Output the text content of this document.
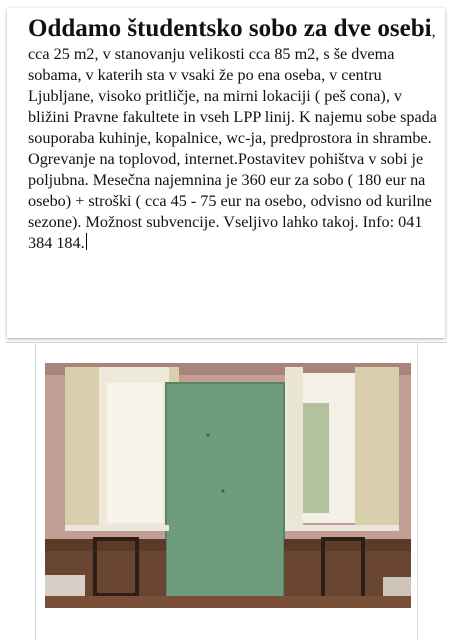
Oddamo študentsko sobo za dve osebi, cca 25 m2, v stanovanju velikosti cca 85 m2, s še dvema sobama, v katerih sta v vsaki že po ena oseba, v centru Ljubljane, visoko pritličje, na mirni lokaciji ( peš cona), v bližini Pravne fakultete in vseh LPP linij. K najemu sobe spada souporaba kuhinje, kopalnice, wc-ja, predprostora in shrambe. Ogrevanje na toplovod, internet.Postavitev pohištva v sobi je poljubna. Mesečna najemnina je 360 eur za sobo ( 180 eur na osebo) + stroški ( cca 45 - 75 eur na osebo, odvisno od kurilne sezone). Možnost subvencije. Vseljivo lahko takoj. Info: 041 384 184.
